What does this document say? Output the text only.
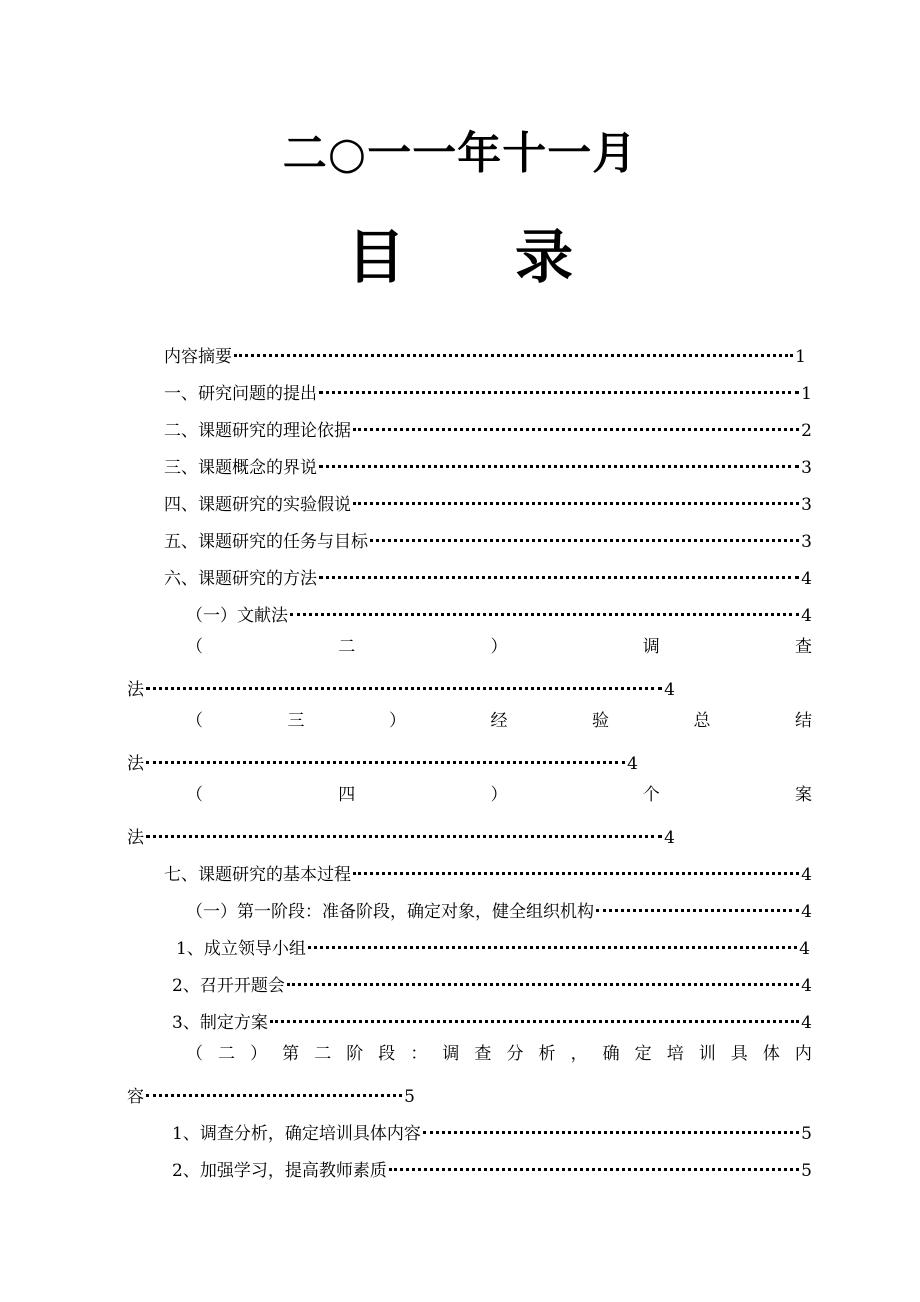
二○一一年十一月
目 录
内容摘要	1
一、研究问题的提出	1
二、课题研究的理论依据	2
三、课题概念的界说	3
四、课题研究的实验假说	3
五、课题研究的任务与目标	3
六、课题研究的方法	4
（一）文献法	4
（	二	）	调	查
法	4
（	三	）	经	验	总	结
法	4
（	四	）	个	案
法	4
七、课题研究的基本过程	4
（一）第一阶段：准备阶段，确定对象，健全组织机构	4
1、成立领导小组	4
2、召开开题会	4
3、制定方案	4
（ 二 ） 第 二 阶 段 ： 调 查 分 析 ， 确 定 培 训 具 体 内
容	5
1、调查分析，确定培训具体内容	5
2、加强学习，提高教师素质	5
